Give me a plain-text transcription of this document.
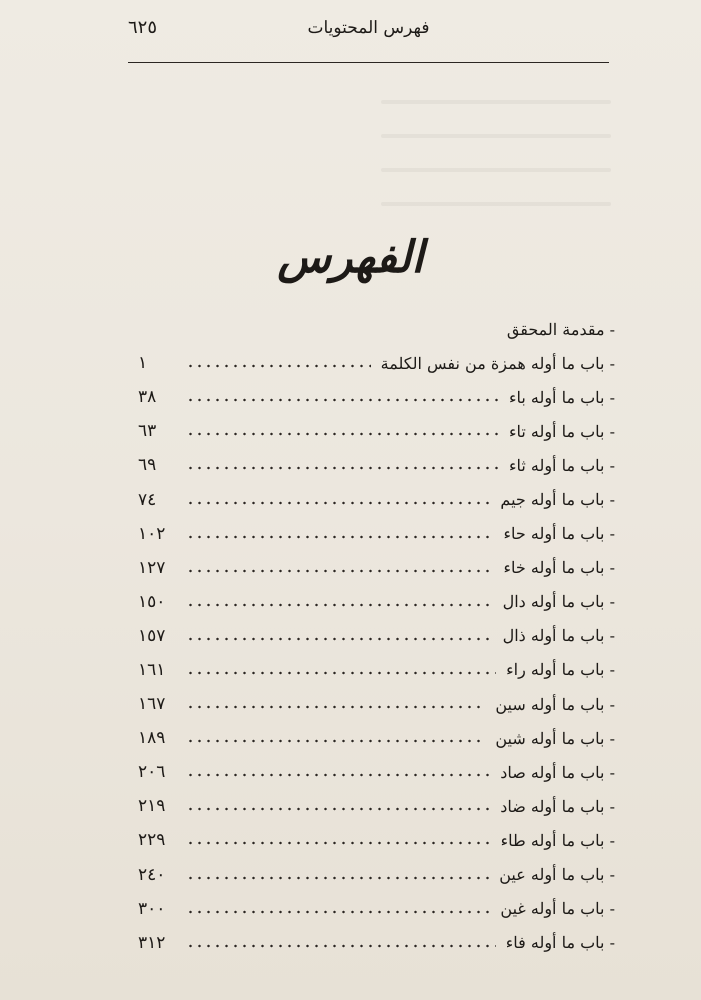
فهرس المحتويات
٦٢٥
الفهرس
- مقدمة المحقق
- باب ما أوله همزة من نفس الكلمة
١
- باب ما أوله باء
٣٨
- باب ما أوله تاء
٦٣
- باب ما أوله ثاء
٦٩
- باب ما أوله جيم
٧٤
- باب ما أوله حاء
١٠٢
- باب ما أوله خاء
١٢٧
- باب ما أوله دال
١٥٠
- باب ما أوله ذال
١٥٧
- باب ما أوله راء
١٦١
- باب ما أوله سين
١٦٧
- باب ما أوله شين
١٨٩
- باب ما أوله صاد
٢٠٦
- باب ما أوله ضاد
٢١٩
- باب ما أوله طاء
٢٢٩
- باب ما أوله عين
٢٤٠
- باب ما أوله غين
٣٠٠
- باب ما أوله فاء
٣١٢
